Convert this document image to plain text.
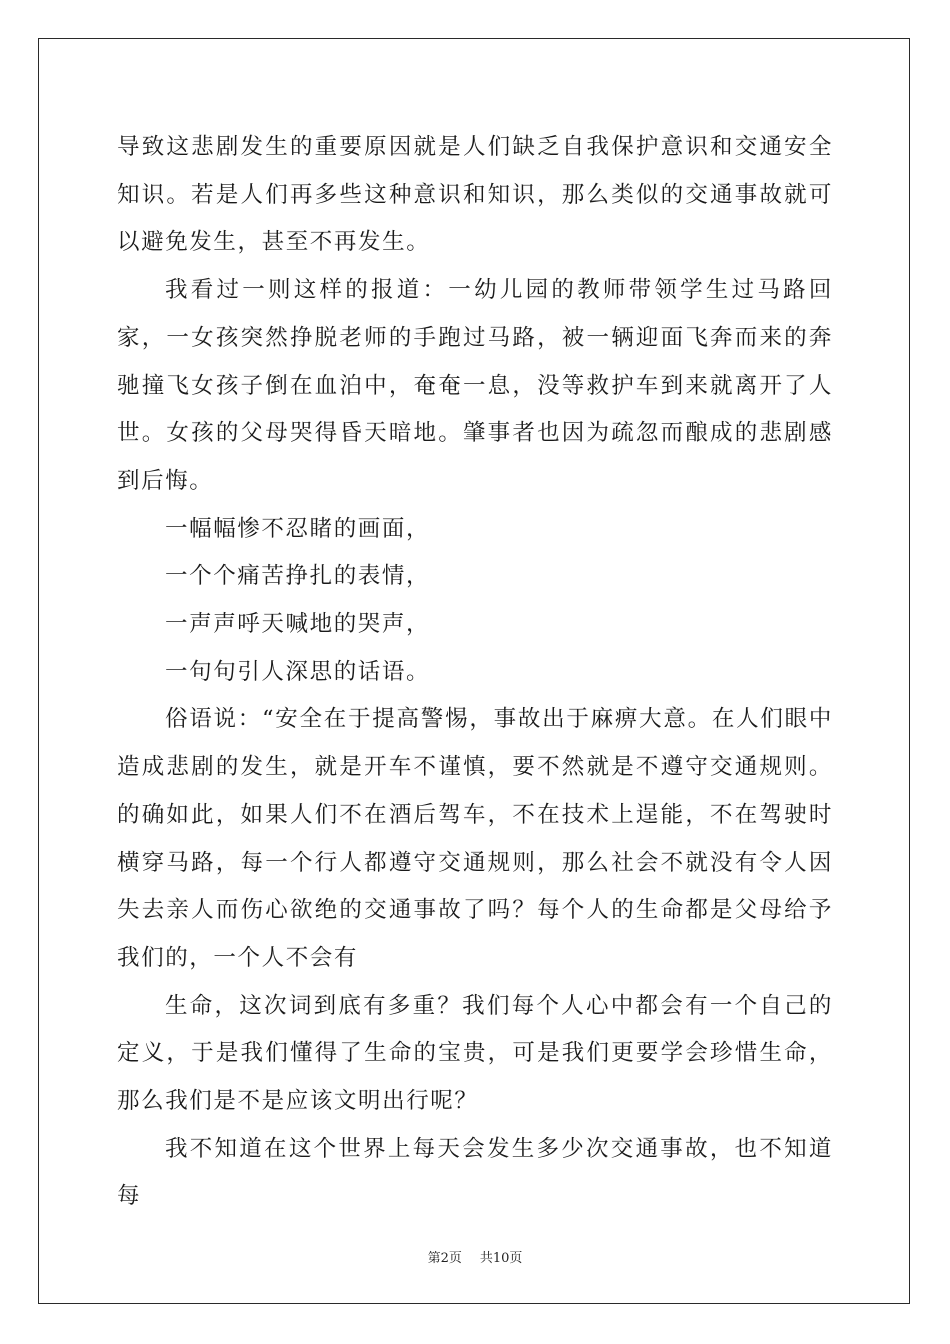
导致这悲剧发生的重要原因就是人们缺乏自我保护意识和交通安全知识。若是人们再多些这种意识和知识，那么类似的交通事故就可以避免发生，甚至不再发生。

我看过一则这样的报道：一幼儿园的教师带领学生过马路回家，一女孩突然挣脱老师的手跑过马路，被一辆迎面飞奔而来的奔驰撞飞女孩子倒在血泊中，奄奄一息，没等救护车到来就离开了人世。女孩的父母哭得昏天暗地。肇事者也因为疏忽而酿成的悲剧感到后悔。

一幅幅惨不忍睹的画面，

一个个痛苦挣扎的表情，

一声声呼天喊地的哭声，

一句句引人深思的话语。

俗语说：“安全在于提高警惕，事故出于麻痹大意。在人们眼中造成悲剧的发生，就是开车不谨慎，要不然就是不遵守交通规则。的确如此，如果人们不在酒后驾车，不在技术上逞能，不在驾驶时横穿马路，每一个行人都遵守交通规则，那么社会不就没有令人因失去亲人而伤心欲绝的交通事故了吗？每个人的生命都是父母给予我们的，一个人不会有

生命，这次词到底有多重？我们每个人心中都会有一个自己的定义，于是我们懂得了生命的宝贵，可是我们更要学会珍惜生命，那么我们是不是应该文明出行呢？

我不知道在这个世界上每天会发生多少次交通事故，也不知道每

第2页 共10页
